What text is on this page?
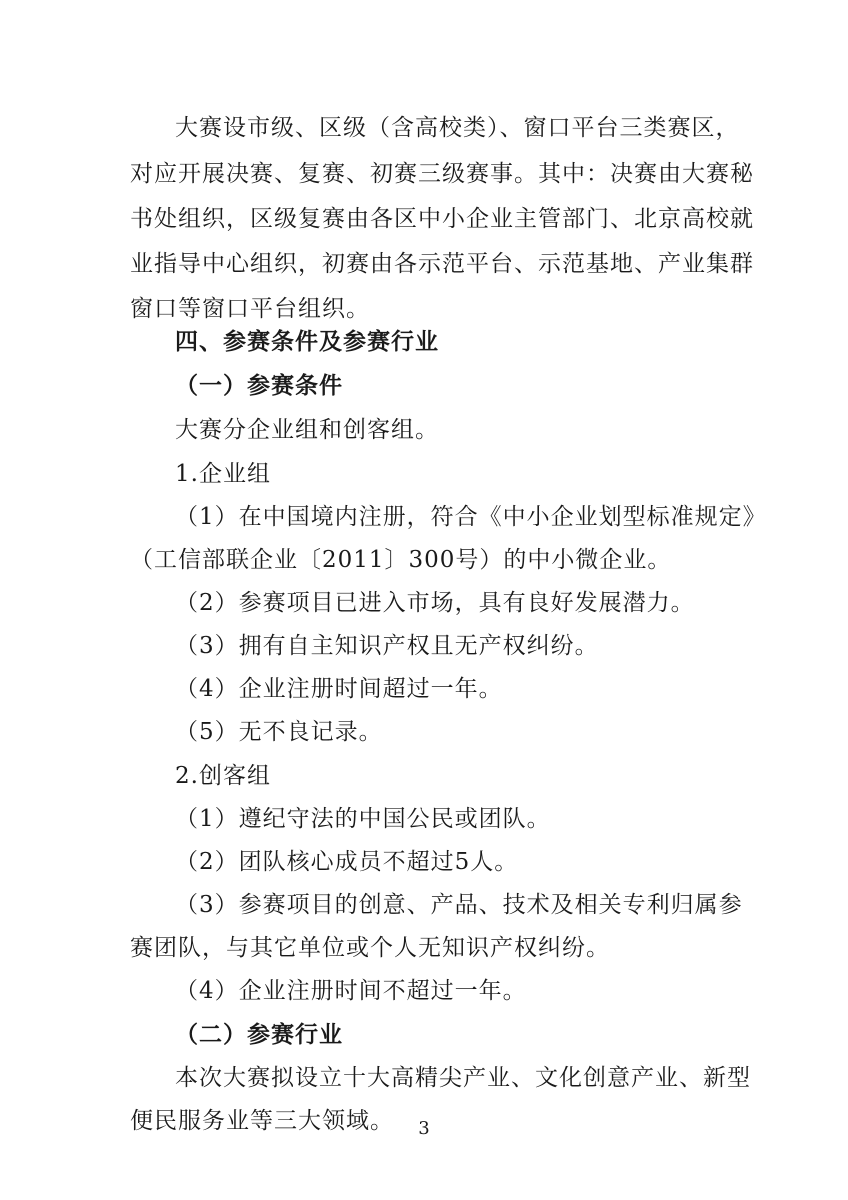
大赛设市级、区级（含高校类）、窗口平台三类赛区，
对应开展决赛、复赛、初赛三级赛事。其中：决赛由大赛秘
书处组织，区级复赛由各区中小企业主管部门、北京高校就
业指导中心组织，初赛由各示范平台、示范基地、产业集群
窗口等窗口平台组织。
四、参赛条件及参赛行业
（一）参赛条件
大赛分企业组和创客组。
1.企业组
（1）在中国境内注册，符合《中小企业划型标准规定》
（工信部联企业〔2011〕300号）的中小微企业。
（2）参赛项目已进入市场，具有良好发展潜力。
（3）拥有自主知识产权且无产权纠纷。
（4）企业注册时间超过一年。
（5）无不良记录。
2.创客组
（1）遵纪守法的中国公民或团队。
（2）团队核心成员不超过5人。
（3）参赛项目的创意、产品、技术及相关专利归属参
赛团队，与其它单位或个人无知识产权纠纷。
（4）企业注册时间不超过一年。
（二）参赛行业
本次大赛拟设立十大高精尖产业、文化创意产业、新型
便民服务业等三大领域。	3
